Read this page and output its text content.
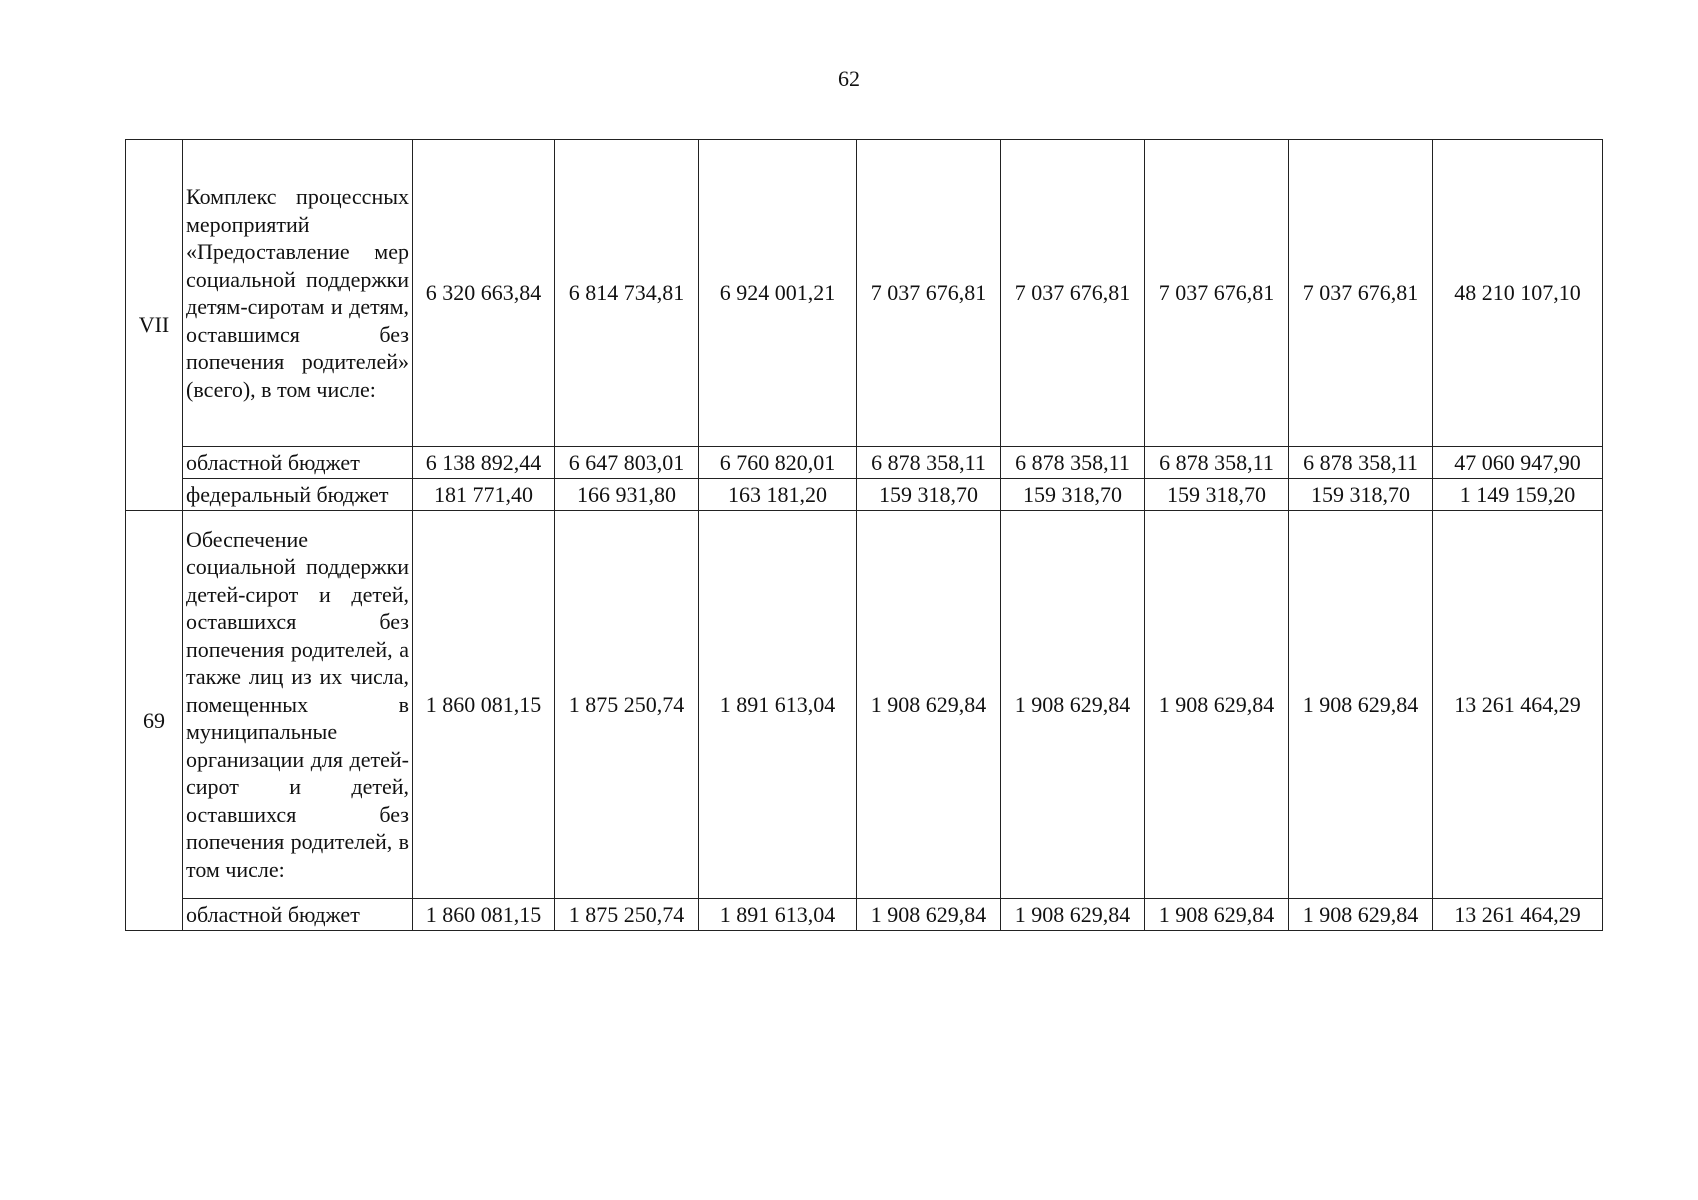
62
VII	Комплекс процессных мероприятий «Предоставление мер социальной поддержки детям-сиротам и детям, оставшимся без попечения родителей» (всего), в том числе:	6 320 663,84	6 814 734,81	6 924 001,21	7 037 676,81	7 037 676,81	7 037 676,81	7 037 676,81	48 210 107,10
	областной бюджет	6 138 892,44	6 647 803,01	6 760 820,01	6 878 358,11	6 878 358,11	6 878 358,11	6 878 358,11	47 060 947,90
	федеральный бюджет	181 771,40	166 931,80	163 181,20	159 318,70	159 318,70	159 318,70	159 318,70	1 149 159,20
69	Обеспечение социальной поддержки детей-сирот и детей, оставшихся без попечения родителей, а также лиц из их числа, помещенных в муниципальные организации для детей-сирот и детей, оставшихся без попечения родителей, в том числе:	1 860 081,15	1 875 250,74	1 891 613,04	1 908 629,84	1 908 629,84	1 908 629,84	1 908 629,84	13 261 464,29
	областной бюджет	1 860 081,15	1 875 250,74	1 891 613,04	1 908 629,84	1 908 629,84	1 908 629,84	1 908 629,84	13 261 464,29
